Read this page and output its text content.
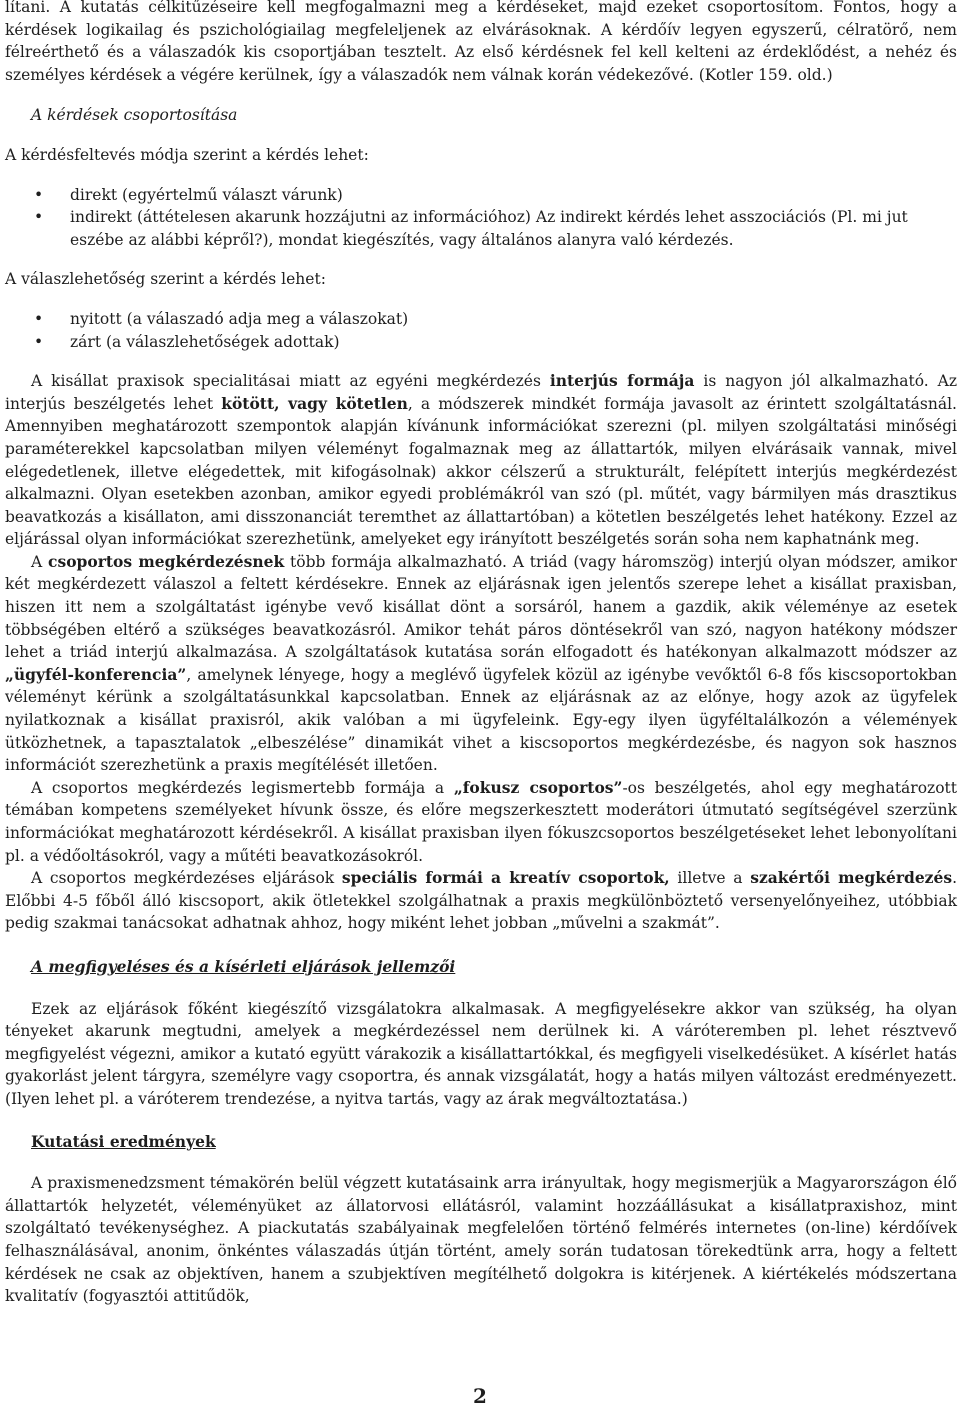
lítani. A kutatás célkitűzéseire kell megfogalmazni meg a kérdéseket, majd ezeket csoportosítom. Fontos, hogy a kérdések logikailag és pszichológiailag megfeleljenek az elvárásoknak. A kérdőív legyen egyszerű, célratörő, nem félreérthető és a válaszadók kis csoportjában tesztelt. Az első kérdésnek fel kell kelteni az érdeklődést, a nehéz és személyes kérdések a végére kerülnek, így a válaszadók nem válnak korán védekezővé. (Kotler 159. old.)

A kérdések csoportosítása

A kérdésfeltevés módja szerint a kérdés lehet:

• direkt (egyértelmű választ várunk)
• indirekt (áttételesen akarunk hozzájutni az információhoz) Az indirekt kérdés lehet asszociációs (Pl. mi jut eszébe az alábbi képről?), mondat kiegészítés, vagy általános alanyra való kérdezés.

A válaszlehetőség szerint a kérdés lehet:

• nyitott (a válaszadó adja meg a válaszokat)
• zárt (a válaszlehetőségek adottak)

A kisállat praxisok specialitásai miatt az egyéni megkérdezés interjús formája is nagyon jól alkalmazható. Az interjús beszélgetés lehet kötött, vagy kötetlen, a módszerek mindkét formája javasolt az érintett szolgáltatásnál. Amennyiben meghatározott szempontok alapján kívánunk információkat szerezni (pl. milyen szolgáltatási minőségi paraméterekkel kapcsolatban milyen véleményt fogalmaznak meg az állattartók, milyen elvárásaik vannak, mivel elégedetlenek, illetve elégedettek, mit kifogásolnak) akkor célszerű a strukturált, felépített interjús megkérdezést alkalmazni. Olyan esetekben azonban, amikor egyedi problémákról van szó (pl. műtét, vagy bármilyen más drasztikus beavatkozás a kisállaton, ami disszonanciát teremthet az állattartóban) a kötetlen beszélgetés lehet hatékony. Ezzel az eljárással olyan információkat szerezhetünk, amelyeket egy irányított beszélgetés során soha nem kaphatnánk meg.

A csoportos megkérdezésnek több formája alkalmazható. A triád (vagy háromszög) interjú olyan módszer, amikor két megkérdezett válaszol a feltett kérdésekre. Ennek az eljárásnak igen jelentős szerepe lehet a kisállat praxisban, hiszen itt nem a szolgáltatást igénybe vevő kisállat dönt a sorsáról, hanem a gazdik, akik véleménye az esetek többségében eltérő a szükséges beavatkozásról. Amikor tehát páros döntésekről van szó, nagyon hatékony módszer lehet a triád interjú alkalmazása. A szolgáltatások kutatása során elfogadott és hatékonyan alkalmazott módszer az „ügyfél-konferencia”, amelynek lényege, hogy a meglévő ügyfelek közül az igénybe vevőktől 6-8 fős kiscsoportokban véleményt kérünk a szolgáltatásunkkal kapcsolatban. Ennek az eljárásnak az az előnye, hogy azok az ügyfelek nyilatkoznak a kisállat praxisról, akik valóban a mi ügyfeleink. Egy-egy ilyen ügyféltalálkozón a vélemények ütközhetnek, a tapasztalatok „elbeszélése” dinamikát vihet a kiscsoportos megkérdezésbe, és nagyon sok hasznos információt szerezhetünk a praxis megítélését illetően.

A csoportos megkérdezés legismertebb formája a „fokusz csoportos”-os beszélgetés, ahol egy meghatározott témában kompetens személyeket hívunk össze, és előre megszerkesztett moderátori útmutató segítségével szerzünk információkat meghatározott kérdésekről. A kisállat praxisban ilyen fókuszcsoportos beszélgetéseket lehet lebonyolítani pl. a védőoltásokról, vagy a műtéti beavatkozásokról.

A csoportos megkérdezéses eljárások speciális formái a kreatív csoportok, illetve a szakértői megkérdezés. Előbbi 4-5 főből álló kiscsoport, akik ötletekkel szolgálhatnak a praxis megkülönböztető versenyelőnyeihez, utóbbiak pedig szakmai tanácsokat adhatnak ahhoz, hogy miként lehet jobban „művelni a szakmát”.

A megfigyeléses és a kísérleti eljárások jellemzői

Ezek az eljárások főként kiegészítő vizsgálatokra alkalmasak. A megfigyelésekre akkor van szükség, ha olyan tényeket akarunk megtudni, amelyek a megkérdezéssel nem derülnek ki. A váróteremben pl. lehet résztvevő megfigyelést végezni, amikor a kutató együtt várakozik a kisállattartókkal, és megfigyeli viselkedésüket. A kísérlet hatás gyakorlást jelent tárgyra, személyre vagy csoportra, és annak vizsgálatát, hogy a hatás milyen változást eredményezett. (Ilyen lehet pl. a váróterem trendezése, a nyitva tartás, vagy az árak megváltoztatása.)

Kutatási eredmények

A praxismenedzsment témakörén belül végzett kutatásaink arra irányultak, hogy megismerjük a Magyarországon élő állattartók helyzetét, véleményüket az állatorvosi ellátásról, valamint hozzáállásukat a kisállatpraxishoz, mint szolgáltató tevékenységhez. A piackutatás szabályainak megfelelően történő felmérés internetes (on-line) kérdőívek felhasználásával, anonim, önkéntes válaszadás útján történt, amely során tudatosan törekedtünk arra, hogy a feltett kérdések ne csak az objektíven, hanem a szubjektíven megítélhető dolgokra is kitérjenek. A kiértékelés módszertana kvalitatív (fogyasztói attitűdök,

2
